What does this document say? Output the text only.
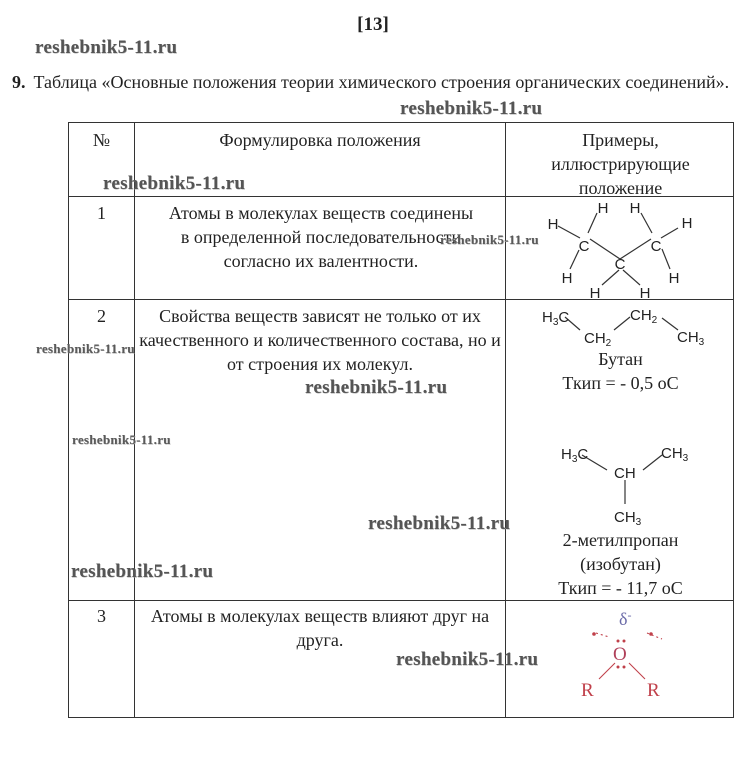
[13]
reshebnik5-11.ru
9. Таблица «Основные положения теории химического строения органических соединений».
№	Формулировка положения	Примеры,
иллюстрирующие
положение
1	Атомы в молекулах веществ соединены в определенной последовательности согласно их валентности.
2	Свойства веществ зависят не только от их качественного и количественного состава, но и от строения их молекул.	Бутан
Ткип = - 0,5 оС
2-метилпропан
(изобутан)
Ткип = - 11,7 оС
3	Атомы в молекулах веществ влияют друг на друга.
C
C
C
H
H
H
H	H
H
H
H
$H_3C$
$CH_2$
$CH_2$
$CH_3$
$H_3C$
CH
$CH_3$
$CH_3$
δ-
O
R	R
reshebnik5-11.ru
reshebnik5-11.ru
reshebnik5-11.ru
reshebnik5-11.ru
reshebnik5-11.ru
reshebnik5-11.ru
reshebnik5-11.ru
reshebnik5-11.ru
reshebnik5-11.ru
